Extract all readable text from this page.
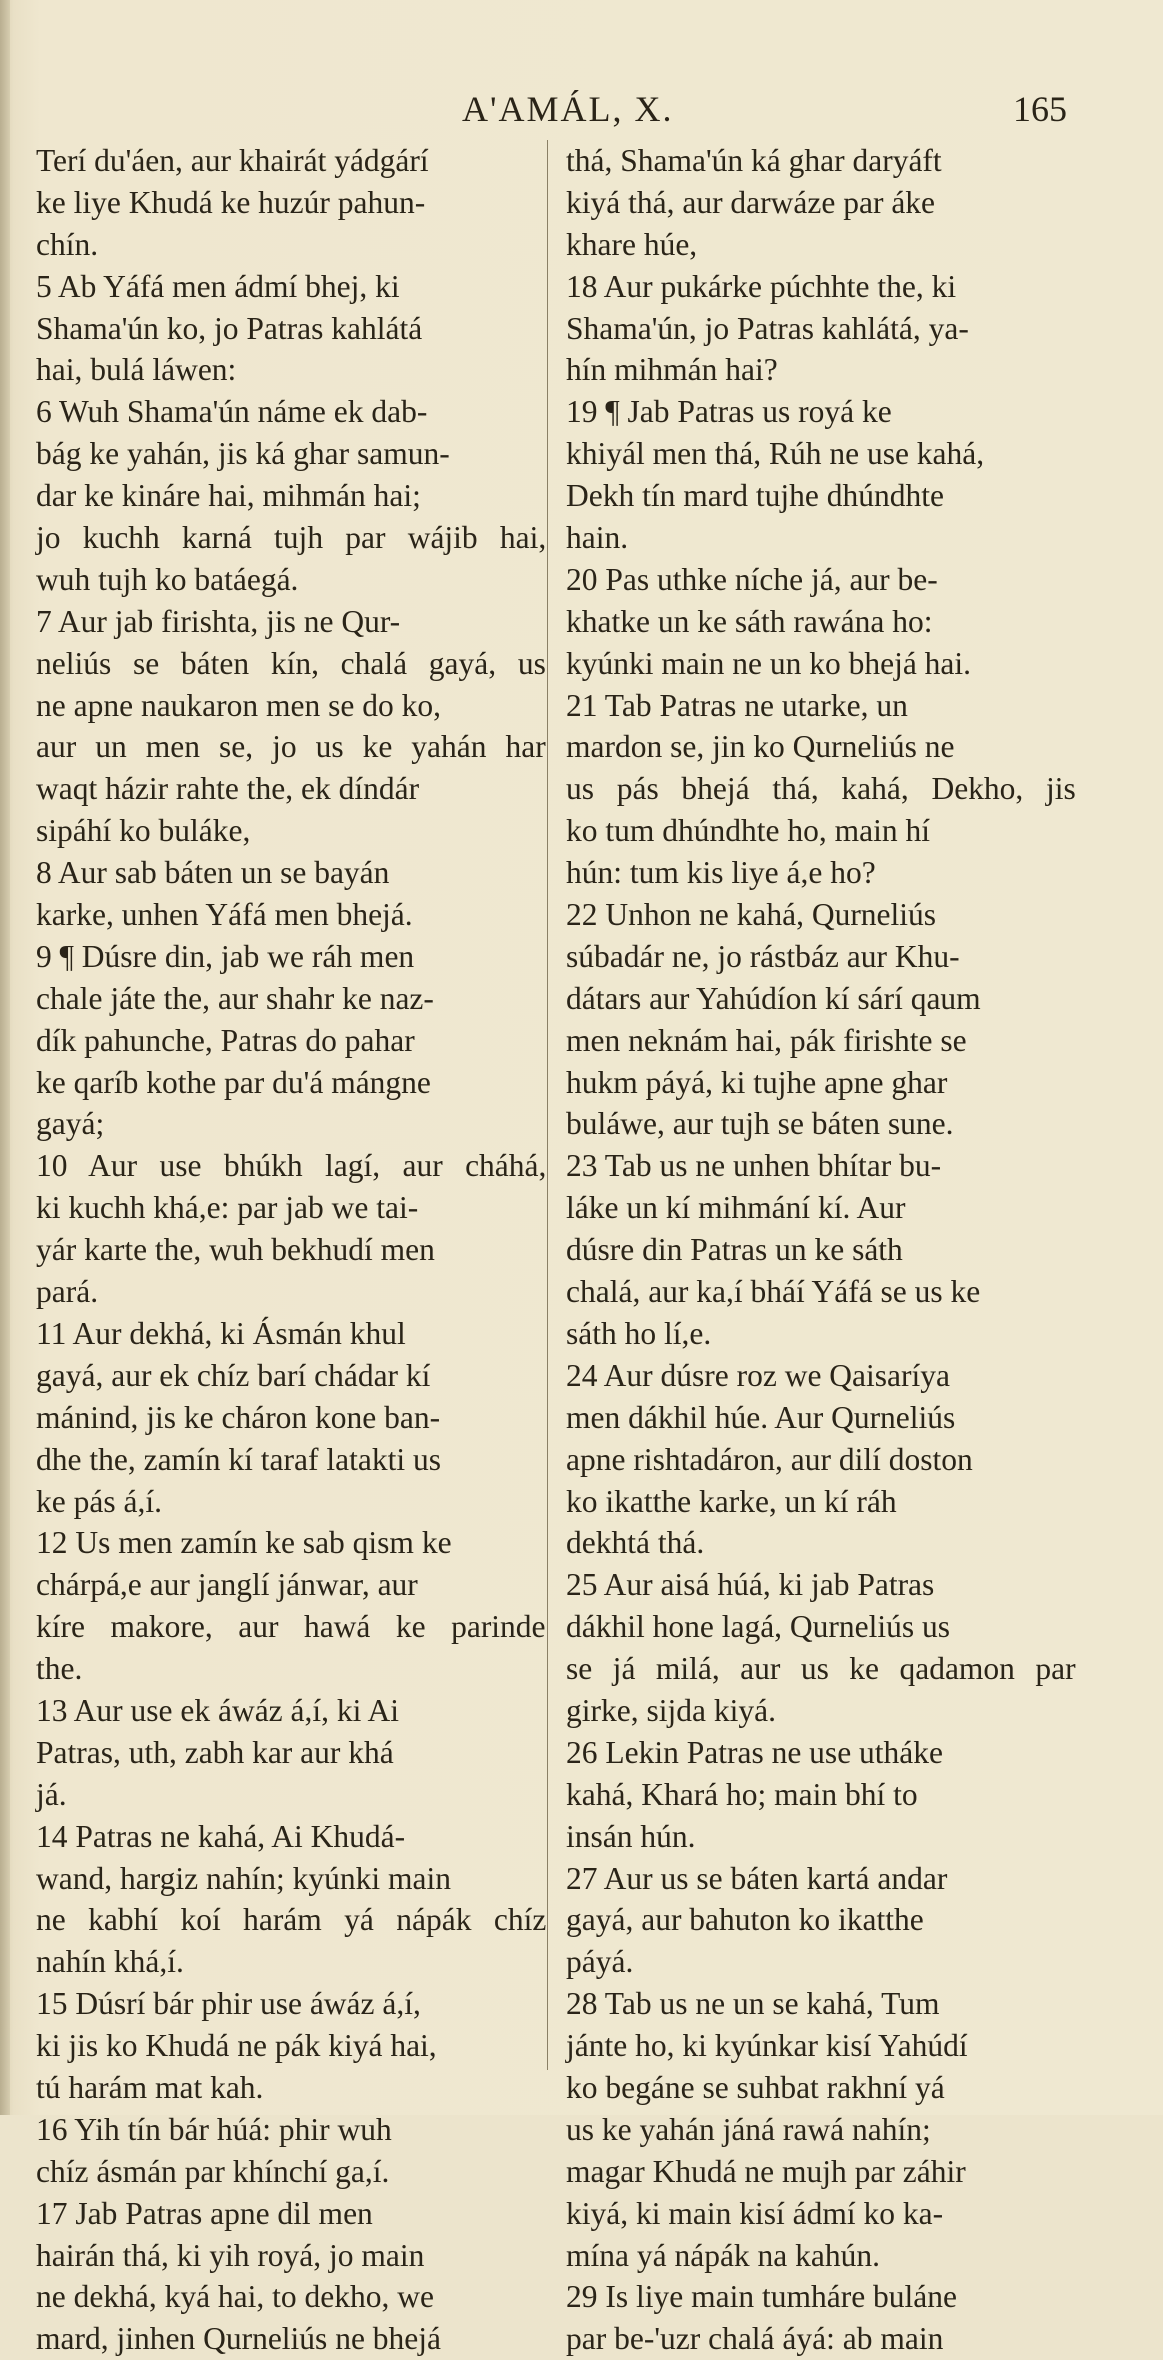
A'AMÁL, X.	165
Terí du'áen, aur khairát yádgárí
ke liye Khudá ke huzúr pahun-
chín.
5 Ab Yáfá men ádmí bhej, ki
Shama'ún ko, jo Patras kahlátá
hai, bulá láwen:
6 Wuh Shama'ún náme ek dab-
bág ke yahán, jis ká ghar samun-
dar ke kináre hai, mihmán hai;
jo kuchh karná tujh par wájib hai,
wuh tujh ko batáegá.
7 Aur jab firishta, jis ne Qur-
neliús se báten kín, chalá gayá, us
ne apne naukaron men se do ko,
aur un men se, jo us ke yahán har
waqt házir rahte the, ek díndár
sipáhí ko buláke,
8 Aur sab báten un se bayán
karke, unhen Yáfá men bhejá.
9 ¶ Dúsre din, jab we ráh men
chale játe the, aur shahr ke naz-
dík pahunche, Patras do pahar
ke qaríb kothe par du'á mángne
gayá;
10 Aur use bhúkh lagí, aur cháhá,
ki kuchh khá,e: par jab we tai-
yár karte the, wuh bekhudí men
pará.
11 Aur dekhá, ki Ásmán khul
gayá, aur ek chíz barí chádar kí
mánind, jis ke cháron kone ban-
dhe the, zamín kí taraf latakti us
ke pás á,í.
12 Us men zamín ke sab qism ke
chárpá,e aur janglí jánwar, aur
kíre makore, aur hawá ke parinde
the.
13 Aur use ek áwáz á,í, ki Ai
Patras, uth, zabh kar aur khá
já.
14 Patras ne kahá, Ai Khudá-
wand, hargiz nahín; kyúnki main
ne kabhí koí harám yá nápák chíz
nahín khá,í.
15 Dúsrí bár phir use áwáz á,í,
ki jis ko Khudá ne pák kiyá hai,
tú harám mat kah.
16 Yih tín bár húá: phir wuh
chíz ásmán par khínchí ga,í.
17 Jab Patras apne dil men
hairán thá, ki yih royá, jo main
ne dekhá, kyá hai, to dekho, we
mard, jinhen Qurneliús ne bhejá
thá, Shama'ún ká ghar daryáft
kiyá thá, aur darwáze par áke
khare húe,
18 Aur pukárke púchhte the, ki
Shama'ún, jo Patras kahlátá, ya-
hín mihmán hai?
19 ¶ Jab Patras us royá ke
khiyál men thá, Rúh ne use kahá,
Dekh tín mard tujhe dhúndhte
hain.
20 Pas uthke níche já, aur be-
khatke un ke sáth rawána ho:
kyúnki main ne un ko bhejá hai.
21 Tab Patras ne utarke, un
mardon se, jin ko Qurneliús ne
us pás bhejá thá, kahá, Dekho, jis
ko tum dhúndhte ho, main hí
hún: tum kis liye á,e ho?
22 Unhon ne kahá, Qurneliús
súbadár ne, jo rástbáz aur Khu-
dátars aur Yahúdíon kí sárí qaum
men neknám hai, pák firishte se
hukm páyá, ki tujhe apne ghar
buláwe, aur tujh se báten sune.
23 Tab us ne unhen bhítar bu-
láke un kí mihmání kí. Aur
dúsre din Patras un ke sáth
chalá, aur ka,í bháí Yáfá se us ke
sáth ho lí,e.
24 Aur dúsre roz we Qaisaríya
men dákhil húe. Aur Qurneliús
apne rishtadáron, aur dilí doston
ko ikatthe karke, un kí ráh
dekhtá thá.
25 Aur aisá húá, ki jab Patras
dákhil hone lagá, Qurneliús us
se já milá, aur us ke qadamon par
girke, sijda kiyá.
26 Lekin Patras ne use utháke
kahá, Khará ho; main bhí to
insán hún.
27 Aur us se báten kartá andar
gayá, aur bahuton ko ikatthe
páyá.
28 Tab us ne un se kahá, Tum
jánte ho, ki kyúnkar kisí Yahúdí
ko begáne se suhbat rakhní yá
us ke yahán jáná rawá nahín;
magar Khudá ne mujh par záhir
kiyá, ki main kisí ádmí ko ka-
mína yá nápák na kahún.
29 Is liye main tumháre buláne
par be-'uzr chalá áyá: ab main
